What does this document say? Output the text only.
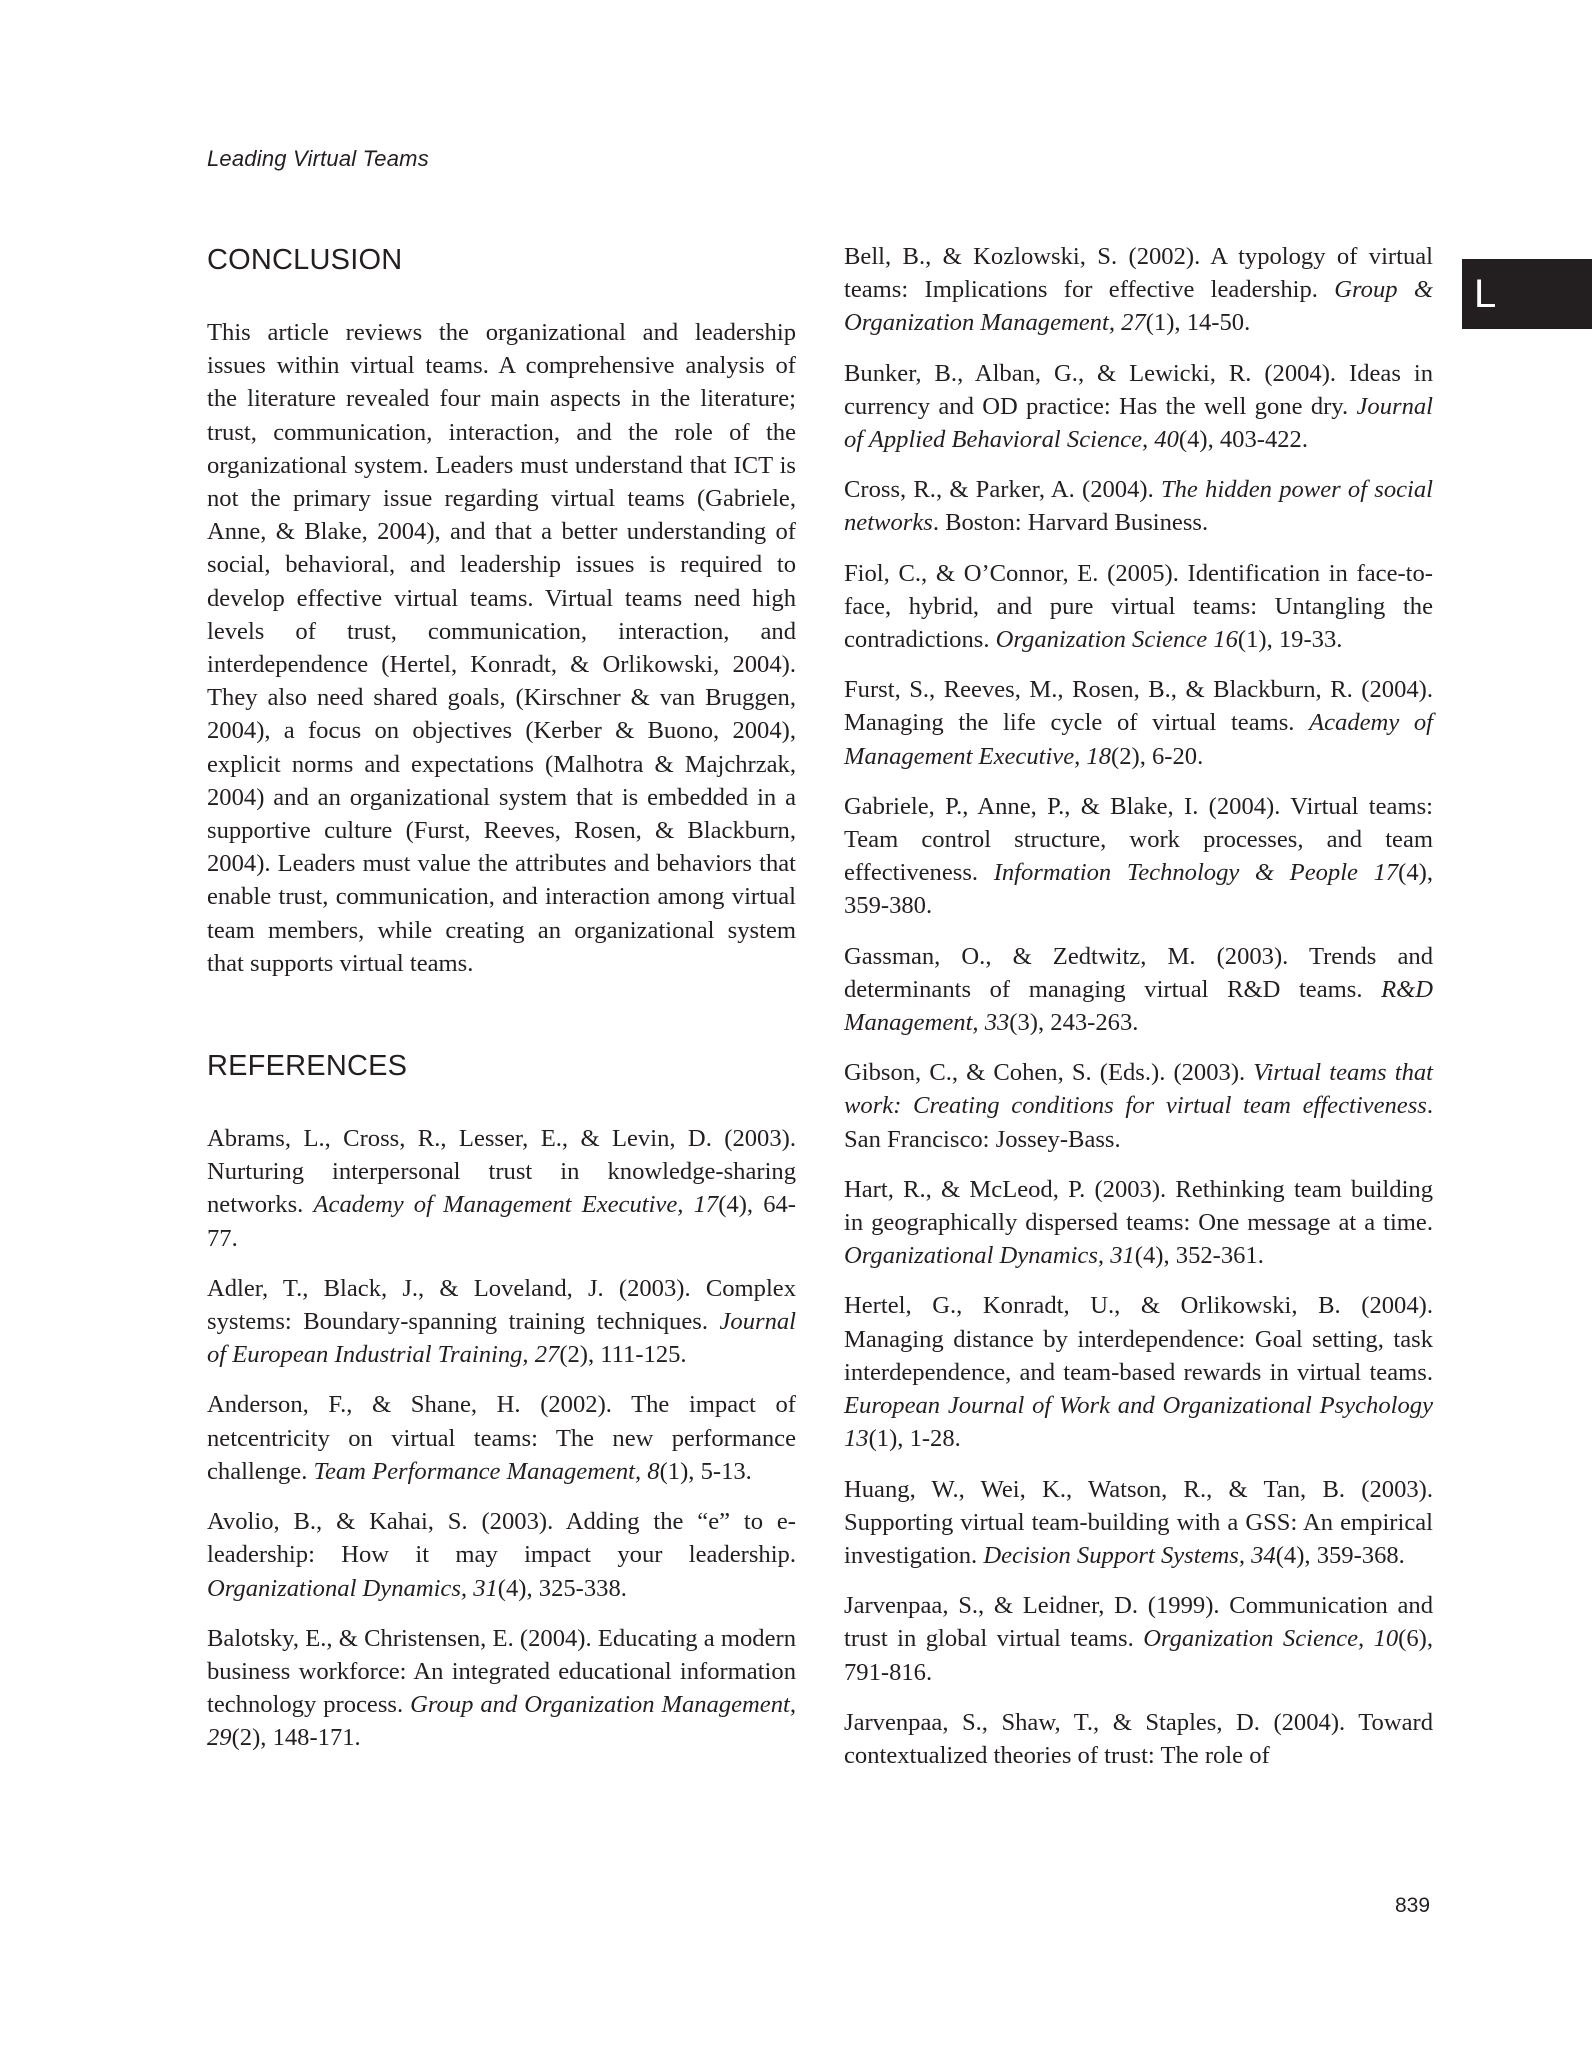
Leading Virtual Teams
L
CONCLUSION

This article reviews the organizational and leadership issues within virtual teams. A comprehensive analysis of the literature revealed four main aspects in the literature; trust, communication, interaction, and the role of the organizational system. Leaders must understand that ICT is not the primary issue regarding virtual teams (Gabriele, Anne, & Blake, 2004), and that a better understanding of social, behavioral, and leadership issues is required to develop effective virtual teams. Virtual teams need high levels of trust, communication, interaction, and interdependence (Hertel, Konradt, & Orlikowski, 2004). They also need shared goals, (Kirschner & van Bruggen, 2004), a focus on objectives (Kerber & Buono, 2004), explicit norms and expectations (Malhotra & Majchrzak, 2004) and an organizational system that is embedded in a supportive culture (Furst, Reeves, Rosen, & Blackburn, 2004). Leaders must value the attributes and behaviors that enable trust, communication, and interaction among virtual team members, while creating an organizational system that supports virtual teams.

REFERENCES
Abrams, L., Cross, R., Lesser, E., & Levin, D. (2003). Nurturing interpersonal trust in knowledge-sharing networks. Academy of Management Executive, 17(4), 64-77.
Adler, T., Black, J., & Loveland, J. (2003). Complex systems: Boundary-spanning training techniques. Journal of European Industrial Training, 27(2), 111-125.
Anderson, F., & Shane, H. (2002). The impact of netcentricity on virtual teams: The new performance challenge. Team Performance Management, 8(1), 5-13.
Avolio, B., & Kahai, S. (2003). Adding the “e” to e-leadership: How it may impact your leadership. Organizational Dynamics, 31(4), 325-338.
Balotsky, E., & Christensen, E. (2004). Educating a modern business workforce: An integrated educational information technology process. Group and Organization Management, 29(2), 148-171.
Bell, B., & Kozlowski, S. (2002). A typology of virtual teams: Implications for effective leadership. Group & Organization Management, 27(1), 14-50.
Bunker, B., Alban, G., & Lewicki, R. (2004). Ideas in currency and OD practice: Has the well gone dry. Journal of Applied Behavioral Science, 40(4), 403-422.
Cross, R., & Parker, A. (2004). The hidden power of social networks. Boston: Harvard Business.
Fiol, C., & O’Connor, E. (2005). Identification in face-to-face, hybrid, and pure virtual teams: Untangling the contradictions. Organization Science 16(1), 19-33.
Furst, S., Reeves, M., Rosen, B., & Blackburn, R. (2004). Managing the life cycle of virtual teams. Academy of Management Executive, 18(2), 6-20.
Gabriele, P., Anne, P., & Blake, I. (2004). Virtual teams: Team control structure, work processes, and team effectiveness. Information Technology & People 17(4), 359-380.
Gassman, O., & Zedtwitz, M. (2003). Trends and determinants of managing virtual R&D teams. R&D Management, 33(3), 243-263.
Gibson, C., & Cohen, S. (Eds.). (2003). Virtual teams that work: Creating conditions for virtual team effectiveness. San Francisco: Jossey-Bass.
Hart, R., & McLeod, P. (2003). Rethinking team building in geographically dispersed teams: One message at a time. Organizational Dynamics, 31(4), 352-361.
Hertel, G., Konradt, U., & Orlikowski, B. (2004). Managing distance by interdependence: Goal setting, task interdependence, and team-based rewards in virtual teams. European Journal of Work and Organizational Psychology 13(1), 1-28.
Huang, W., Wei, K., Watson, R., & Tan, B. (2003). Supporting virtual team-building with a GSS: An empirical investigation. Decision Support Systems, 34(4), 359-368.
Jarvenpaa, S., & Leidner, D. (1999). Communication and trust in global virtual teams. Organization Science, 10(6), 791-816.
Jarvenpaa, S., Shaw, T., & Staples, D. (2004). Toward contextualized theories of trust: The role of
839
